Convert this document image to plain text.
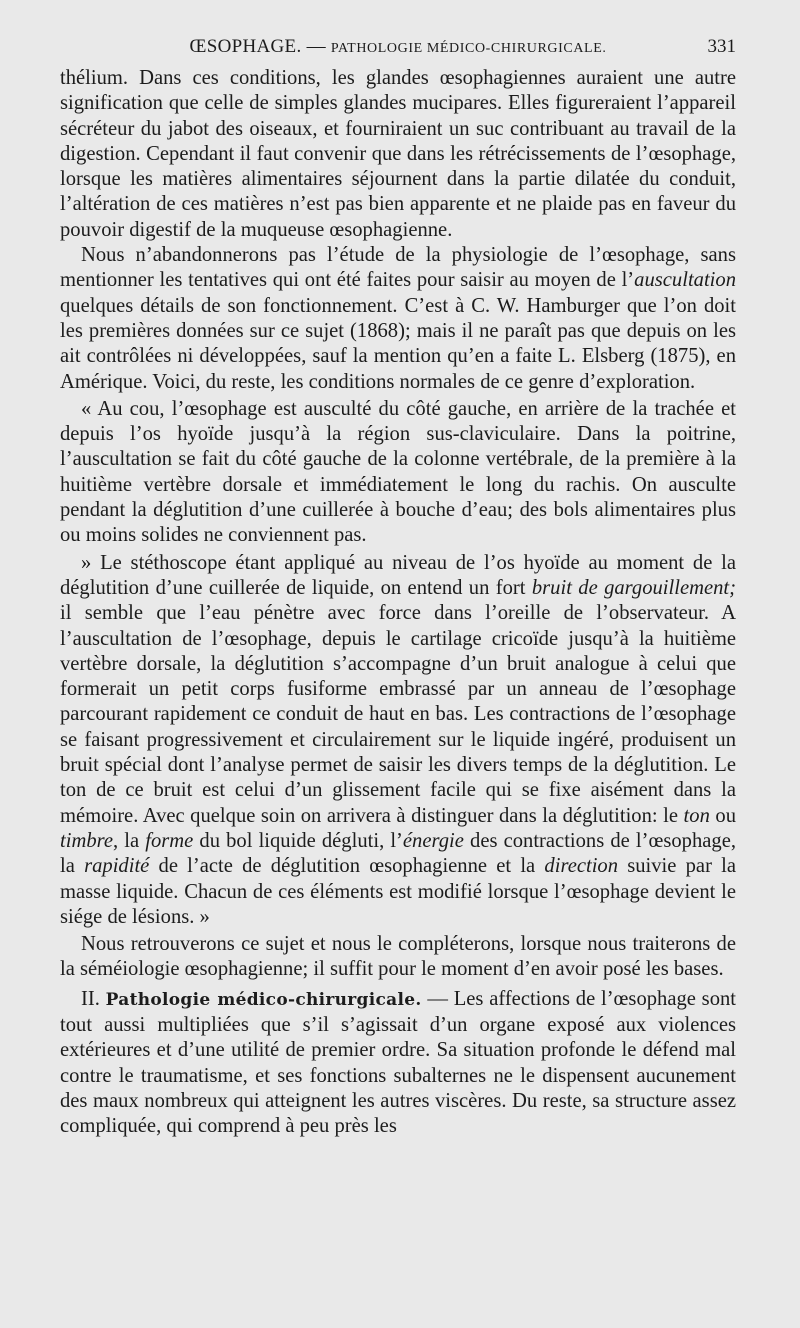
ŒSOPHAGE. — PATHOLOGIE MÉDICO-CHIRURGICALE.	331

thélium. Dans ces conditions, les glandes œsophagiennes auraient une autre signification que celle de simples glandes mucipares. Elles figureraient l’appareil sécréteur du jabot des oiseaux, et fourniraient un suc contribuant au travail de la digestion. Cependant il faut convenir que dans les rétrécissements de l’œsophage, lorsque les matières alimentaires séjournent dans la partie dilatée du conduit, l’altération de ces matières n’est pas bien apparente et ne plaide pas en faveur du pouvoir digestif de la muqueuse œsophagienne.

Nous n’abandonnerons pas l’étude de la physiologie de l’œsophage, sans mentionner les tentatives qui ont été faites pour saisir au moyen de l’auscultation quelques détails de son fonctionnement. C’est à C. W. Hamburger que l’on doit les premières données sur ce sujet (1868); mais il ne paraît pas que depuis on les ait contrôlées ni développées, sauf la mention qu’en a faite L. Elsberg (1875), en Amérique. Voici, du reste, les conditions normales de ce genre d’exploration.

« Au cou, l’œsophage est ausculté du côté gauche, en arrière de la trachée et depuis l’os hyoïde jusqu’à la région sus-claviculaire. Dans la poitrine, l’auscultation se fait du côté gauche de la colonne vertébrale, de la première à la huitième vertèbre dorsale et immédiatement le long du rachis. On ausculte pendant la déglutition d’une cuillerée à bouche d’eau; des bols alimentaires plus ou moins solides ne conviennent pas.

» Le stéthoscope étant appliqué au niveau de l’os hyoïde au moment de la déglutition d’une cuillerée de liquide, on entend un fort bruit de gargouillement; il semble que l’eau pénètre avec force dans l’oreille de l’observateur. A l’auscultation de l’œsophage, depuis le cartilage cricoïde jusqu’à la huitième vertèbre dorsale, la déglutition s’accompagne d’un bruit analogue à celui que formerait un petit corps fusiforme embrassé par un anneau de l’œsophage parcourant rapidement ce conduit de haut en bas. Les contractions de l’œsophage se faisant progressivement et circulairement sur le liquide ingéré, produisent un bruit spécial dont l’analyse permet de saisir les divers temps de la déglutition. Le ton de ce bruit est celui d’un glissement facile qui se fixe aisément dans la mémoire. Avec quelque soin on arrivera à distinguer dans la déglutition: le ton ou timbre, la forme du bol liquide dégluti, l’énergie des contractions de l’œsophage, la rapidité de l’acte de déglutition œsophagienne et la direction suivie par la masse liquide. Chacun de ces éléments est modifié lorsque l’œsophage devient le siége de lésions. »

Nous retrouverons ce sujet et nous le compléterons, lorsque nous traiterons de la séméiologie œsophagienne; il suffit pour le moment d’en avoir posé les bases.

II. Pathologie médico-chirurgicale. — Les affections de l’œsophage sont tout aussi multipliées que s’il s’agissait d’un organe exposé aux violences extérieures et d’une utilité de premier ordre. Sa situation profonde le défend mal contre le traumatisme, et ses fonctions subalternes ne le dispensent aucunement des maux nombreux qui atteignent les autres viscères. Du reste, sa structure assez compliquée, qui comprend à peu près les
